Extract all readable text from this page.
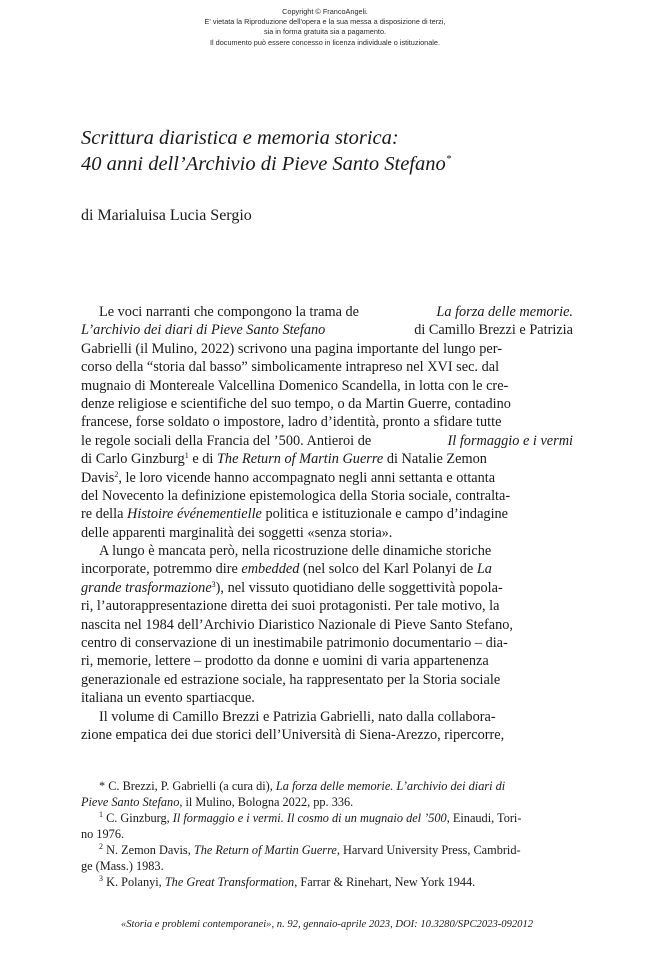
Copyright © FrancoAngeli.
E' vietata la Riproduzione dell'opera e la sua messa a disposizione di terzi,
sia in forma gratuita sia a pagamento.
Il documento può essere concesso in licenza individuale o istituzionale.
Scrittura diaristica e memoria storica:
40 anni dell’Archivio di Pieve Santo Stefano*
di Marialuisa Lucia Sergio
Le voci narranti che compongono la trama de	La forza delle memorie.
L’archivio dei diari di Pieve Santo Stefano	di Camillo Brezzi e Patrizia
Gabrielli (il Mulino, 2022) scrivono una pagina importante del lungo per-
corso della “storia dal basso” simbolicamente intrapreso nel XVI sec. dal
mugnaio di Montereale Valcellina Domenico Scandella, in lotta con le cre-
denze religiose e scientifiche del suo tempo, o da Martin Guerre, contadino
francese, forse soldato o impostore, ladro d’identità, pronto a sfidare tutte
le regole sociali della Francia del ’500. Antieroi de	Il formaggio e i vermi
di Carlo Ginzburg$^1$ e di The Return of Martin Guerre di Natalie Zemon
Davis$^2$, le loro vicende hanno accompagnato negli anni settanta e ottanta
del Novecento la definizione epistemologica della Storia sociale, contralta-
re della Histoire événementielle politica e istituzionale e campo d’indagine
delle apparenti marginalità dei soggetti «senza storia».
A lungo è mancata però, nella ricostruzione delle dinamiche storiche
incorporate, potremmo dire embedded (nel solco del Karl Polanyi de La
grande trasformazione$^3$), nel vissuto quotidiano delle soggettività popola-
ri, l’autorappresentazione diretta dei suoi protagonisti. Per tale motivo, la
nascita nel 1984 dell’Archivio Diaristico Nazionale di Pieve Santo Stefano,
centro di conservazione di un inestimabile patrimonio documentario – dia-
ri, memorie, lettere – prodotto da donne e uomini di varia appartenenza
generazionale ed estrazione sociale, ha rappresentato per la Storia sociale
italiana un evento spartiacque.
Il volume di Camillo Brezzi e Patrizia Gabrielli, nato dalla collabora-
zione empatica dei due storici dell’Università di Siena-Arezzo, ripercorre,
* C. Brezzi, P. Gabrielli (a cura di), La forza delle memorie. L’archivio dei diari di
Pieve Santo Stefano, il Mulino, Bologna 2022, pp. 336.
$^1$ C. Ginzburg, Il formaggio e i vermi. Il cosmo di un mugnaio del ’500, Einaudi, Tori-
no 1976.
$^2$ N. Zemon Davis, The Return of Martin Guerre, Harvard University Press, Cambrid-
ge (Mass.) 1983.
$^3$ K. Polanyi, The Great Transformation, Farrar & Rinehart, New York 1944.
«Storia e problemi contemporanei», n. 92, gennaio-aprile 2023, DOI: 10.3280/SPC2023-092012
